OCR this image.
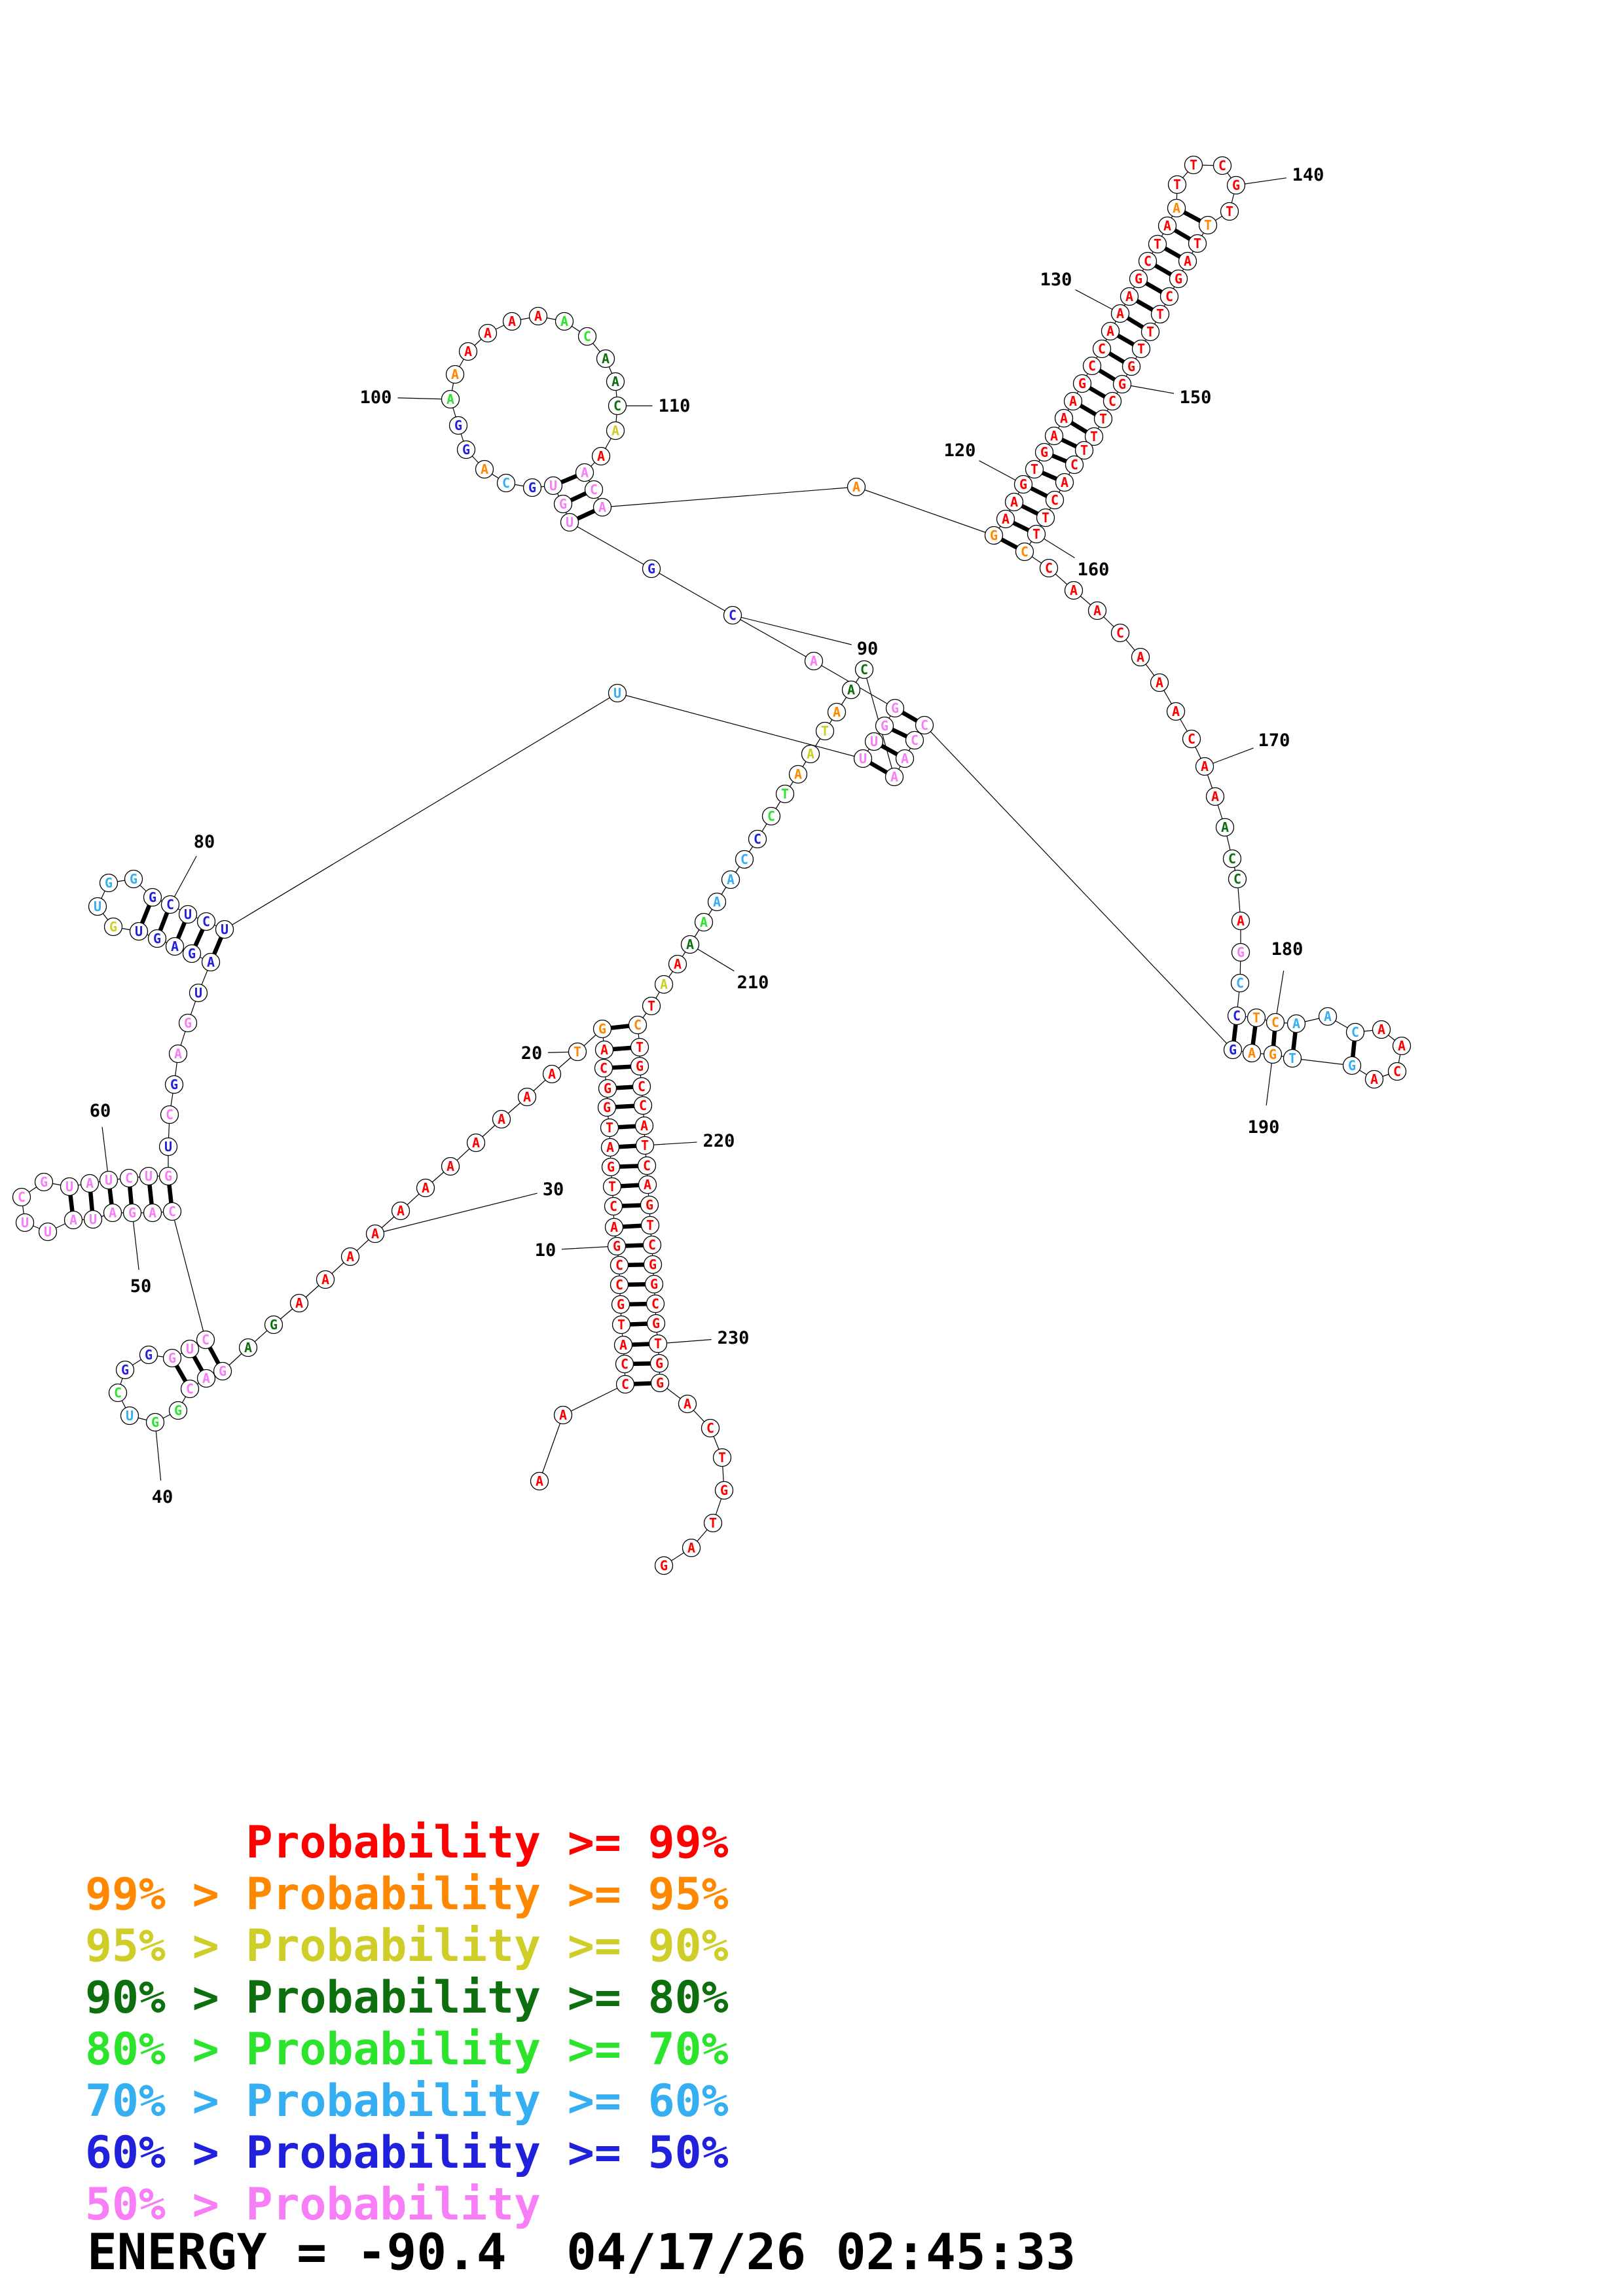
A
A
C
C
A
T
G
C
C
G
A
C
T
G
A
T
G
G
C
A
G
T
A
A
A
A
A
A
A
A
A
A
A
G
A
G
A
C
G
G
U
C
G
G G
U
C
C
A
G
A
U
A
U
U
C
G U A U C U G
U
C
G
A
G
U
A
G
A
G
U
G
U
G G
G C
U C U
U
U
U
G
G
A
C
G
U
G
U
G
C
A
G
G
A
A
A
A
A A A
C
A
A
C
A
A
A
C
A
A
G
A
A
G
T
G
A
A
A
G
C
C
A
A
A
G
C
T
A
A
T
T C
G
T
T
T
A
G
C
T
T
T
G
G
C
T
T
T
C
A
C
T
T
C
C
A
A
C
A
A
A
C
A
A
A
C
C
A
G
C
C T C A A
C A
A
C
A
G
T
G
A
G
C
C
A
A
C
A
A
T
A
A
T
C
C
C
A
A
A
A
A
A
T
C
T
G
C
C
A
T
C
A
G
T
C
G
G
C
G
T
G
G
A
C
T
G
T
A
G
10
20
30
40
50
60
80
90
100	110
120
130
140
150
160
170
180
190
210
220
230
Probability >= 99%
99% > Probability >= 95%
95% > Probability >= 90%
90% > Probability >= 80%
80% > Probability >= 70%
70% > Probability >= 60%
60% > Probability >= 50%
50% > Probability
ENERGY = -90.4  04/17/26 02:45:33
